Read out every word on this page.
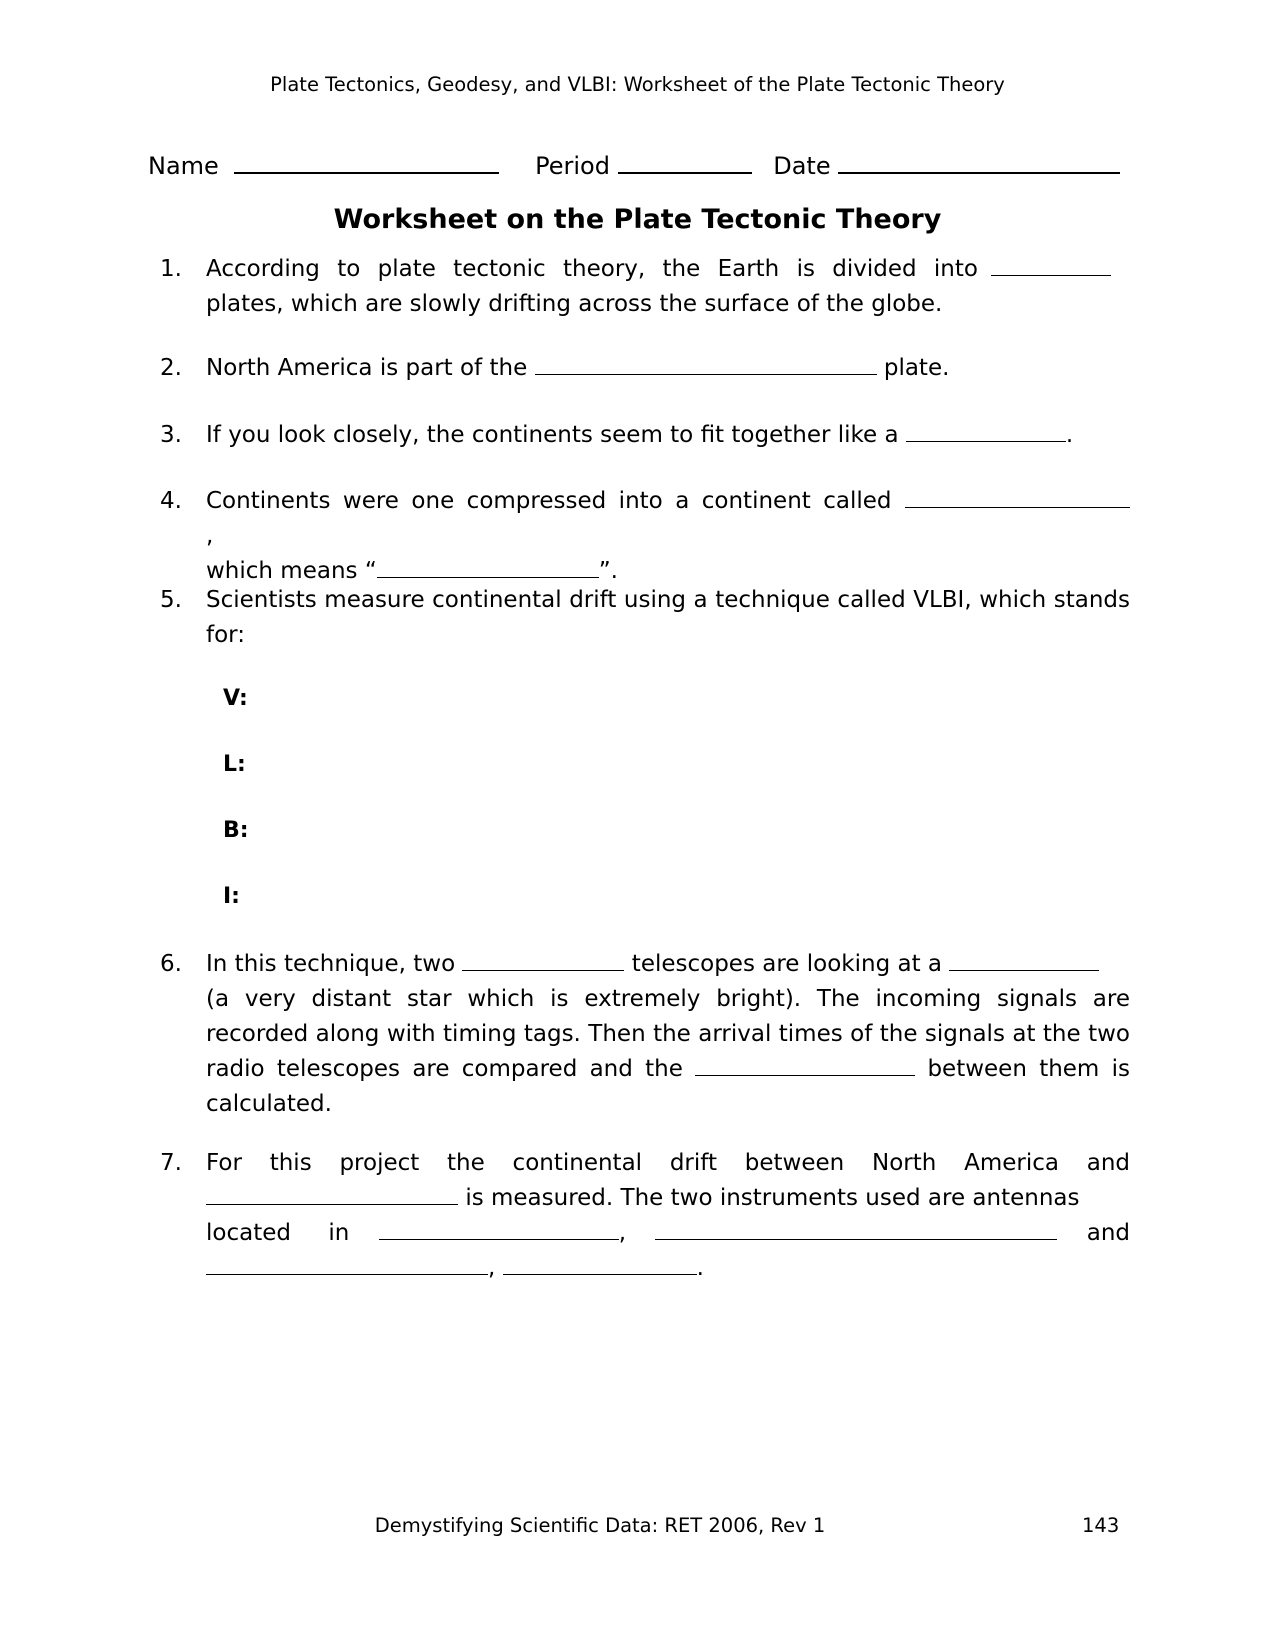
Plate Tectonics, Geodesy, and VLBI: Worksheet of the Plate Tectonic Theory
Name	Period	Date
Worksheet on the Plate Tectonic Theory
1.	According to plate tectonic theory, the Earth is divided into

plates, which are slowly drifting across the surface of the globe.

2.	North America is part of the	plate.

3.	If you look closely, the continents seem to fit together like a	.

4.	Continents were one compressed into a continent called ,

which means “	”.

5.	Scientists measure continental drift using a technique called VLBI, which stands for:

V:
L:
B:
I:
6.	In this technique, two	telescopes are looking at a

(a very distant star which is extremely bright). The incoming signals are recorded along with timing tags. Then the arrival times of the signals at the two radio telescopes are compared and the	between them is calculated.

7.	For this project the continental drift between North America and

is measured. The two instruments used are antennas

located in	,	and

,	.

Demystifying Scientific Data: RET 2006, Rev 1	143
